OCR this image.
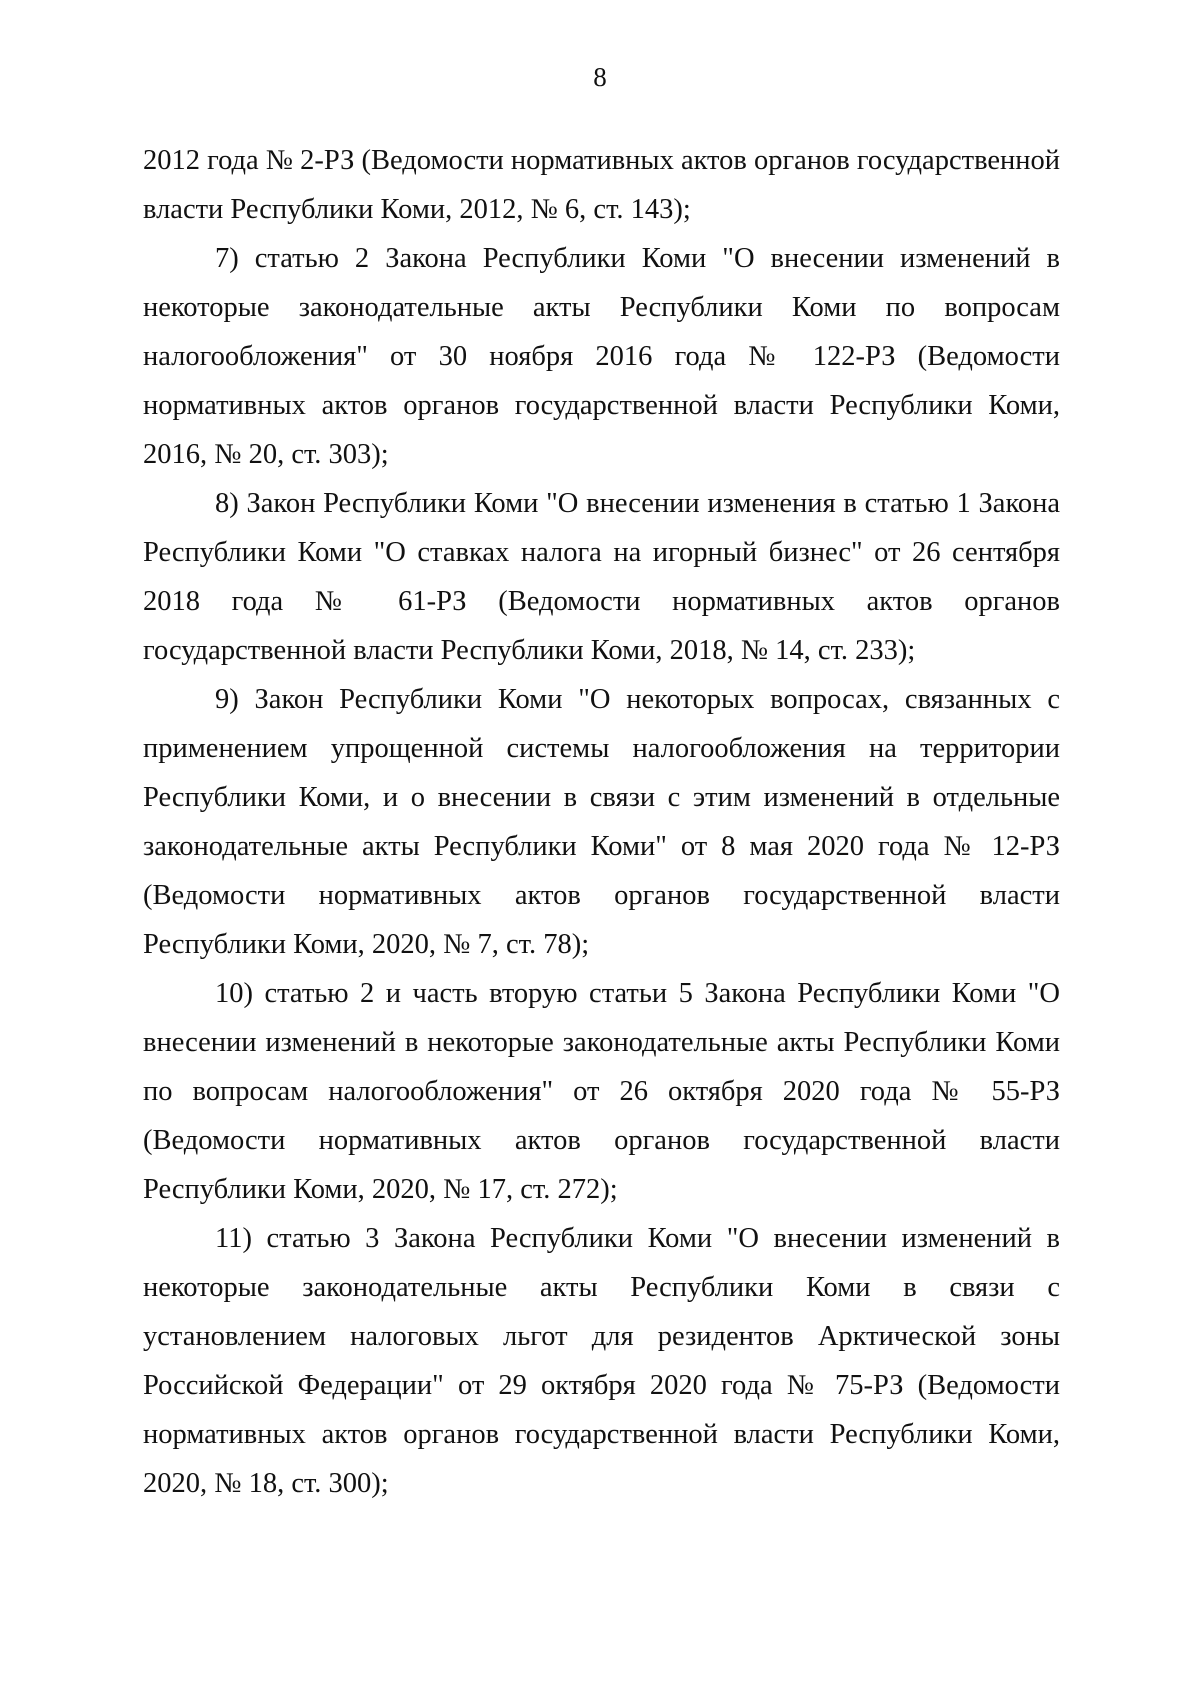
8

2012 года № 2-РЗ (Ведомости нормативных актов органов государственной власти Республики Коми, 2012, № 6, ст. 143);

7) статью 2 Закона Республики Коми "О внесении изменений в некоторые законодательные акты Республики Коми по вопросам налогообложения" от 30 ноября 2016 года № 122-РЗ (Ведомости нормативных актов органов государственной власти Республики Коми, 2016, № 20, ст. 303);

8) Закон Республики Коми "О внесении изменения в статью 1 Закона Республики Коми "О ставках налога на игорный бизнес" от 26 сентября 2018 года № 61-РЗ (Ведомости нормативных актов органов государственной власти Республики Коми, 2018, № 14, ст. 233);

9) Закон Республики Коми "О некоторых вопросах, связанных с применением упрощенной системы налогообложения на территории Республики Коми, и о внесении в связи с этим изменений в отдельные законодательные акты Республики Коми" от 8 мая 2020 года № 12-РЗ (Ведомости нормативных актов органов государственной власти Республики Коми, 2020, № 7, ст. 78);

10) статью 2 и часть вторую статьи 5 Закона Республики Коми "О внесении изменений в некоторые законодательные акты Республики Коми по вопросам налогообложения" от 26 октября 2020 года № 55-РЗ (Ведомости нормативных актов органов государственной власти Республики Коми, 2020, № 17, ст. 272);

11) статью 3 Закона Республики Коми "О внесении изменений в некоторые законодательные акты Республики Коми в связи с установлением налоговых льгот для резидентов Арктической зоны Российской Федерации" от 29 октября 2020 года № 75-РЗ (Ведомости нормативных актов органов государственной власти Республики Коми, 2020, № 18, ст. 300);
